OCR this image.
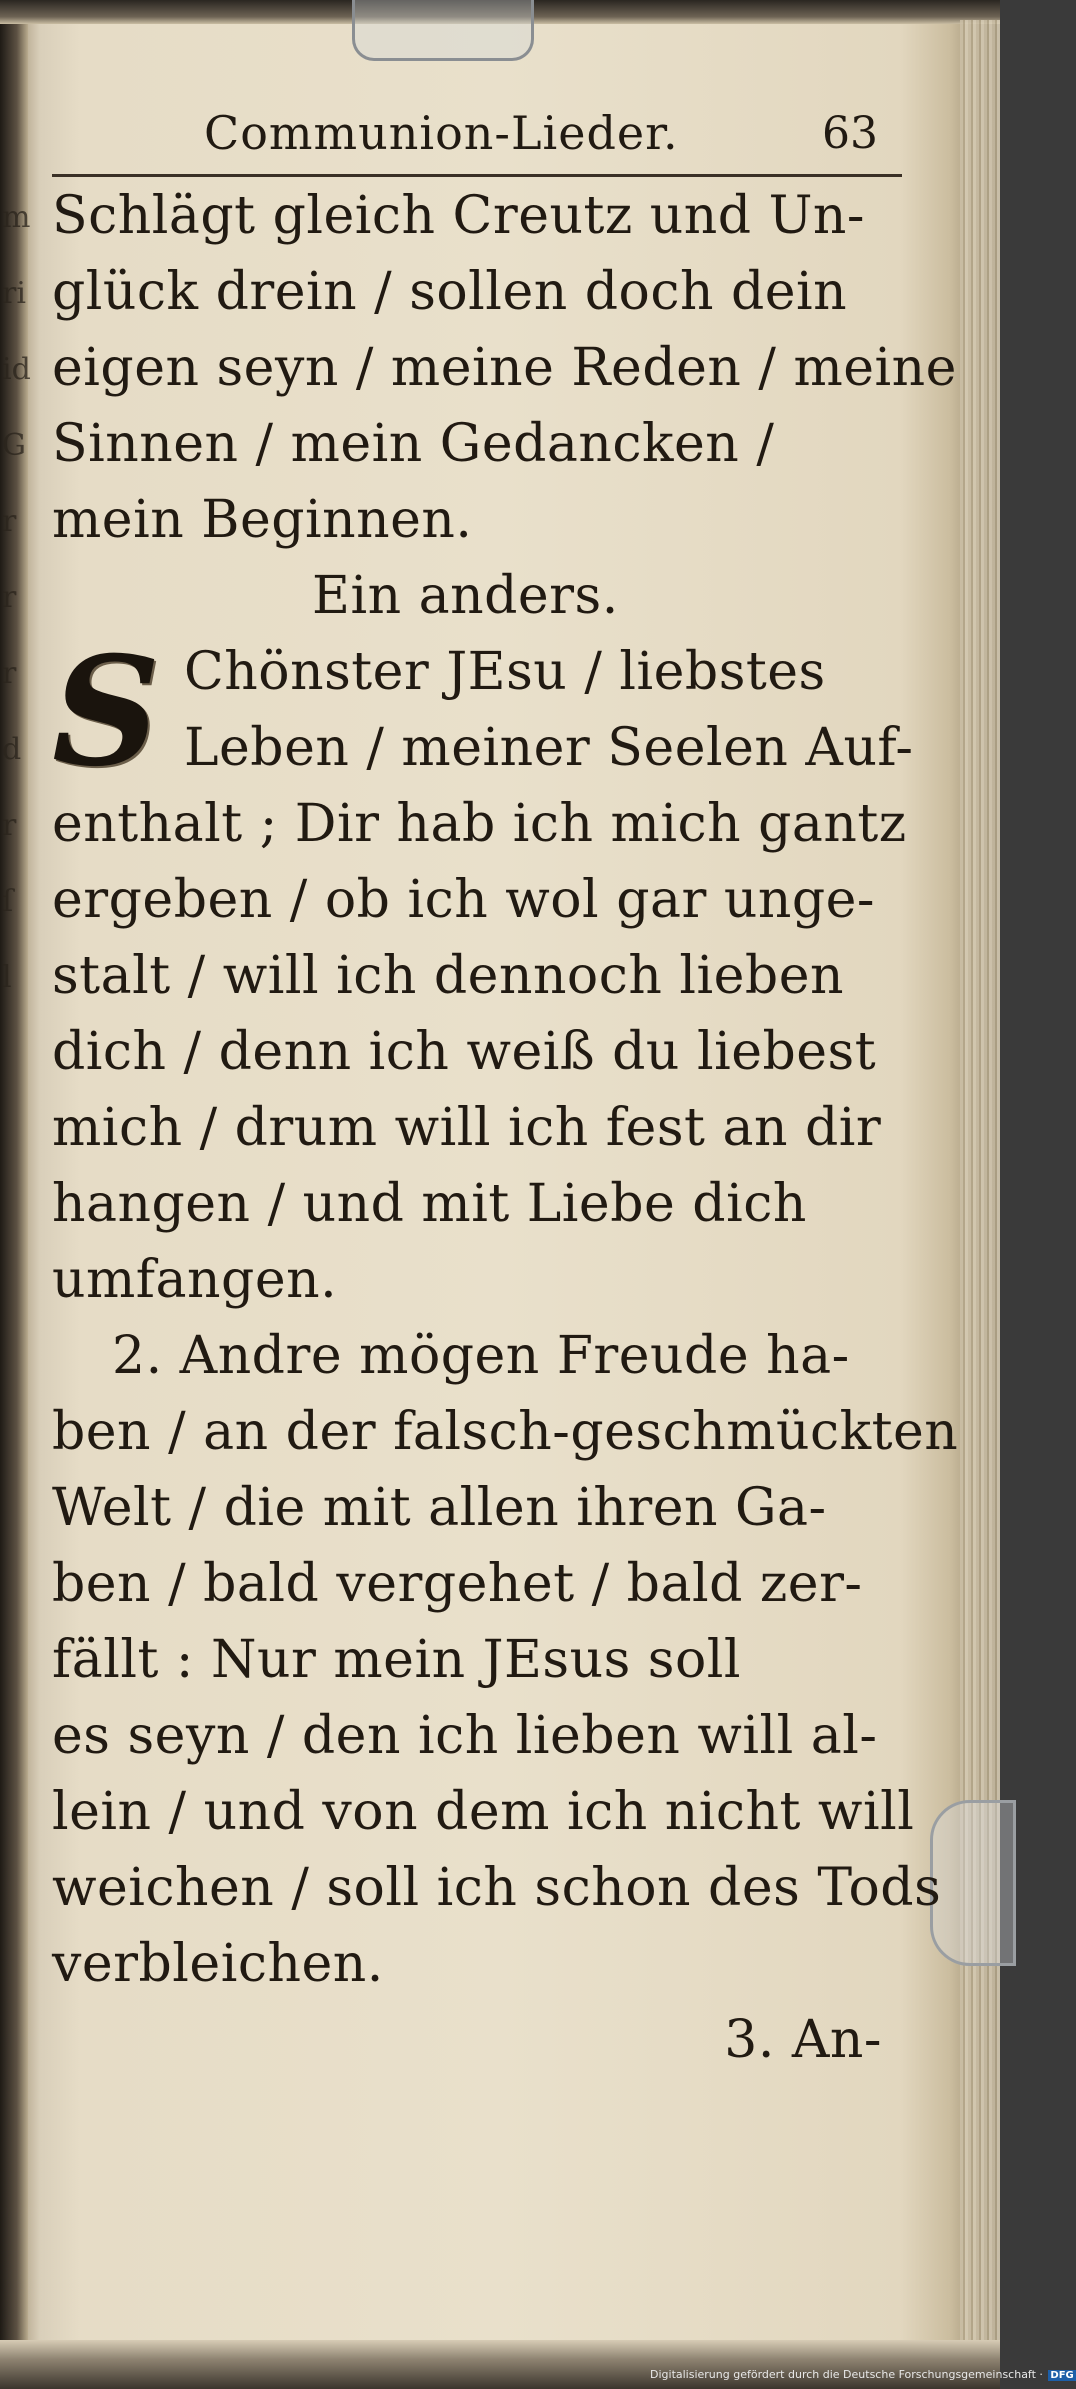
m
ri
id
G
r
r
r
d
r
ſ
l
Communion-Lieder.	63
Schlägt gleich Creutz und Un-
glück drein / sollen doch dein
eigen seyn / meine Reden / meine
Sinnen / mein Gedancken /
mein Beginnen.
Ein anders.
Chönster JEsu / liebstes
Leben / meiner Seelen Auf-
enthalt ; Dir hab ich mich gantz
ergeben / ob ich wol gar unge-
stalt / will ich dennoch lieben
dich / denn ich weiß du liebest
mich / drum will ich fest an dir
hangen / und mit Liebe dich
umfangen.
2. Andre mögen Freude ha-
ben / an der falsch-geschmückten
Welt / die mit allen ihren Ga-
ben / bald vergehet / bald zer-
fällt : Nur mein JEsus soll
es seyn / den ich lieben will al-
lein / und von dem ich nicht will
weichen / soll ich schon des Tods
verbleichen.
3. An-
S
Digitalisierung gefördert durch die Deutsche Forschungsgemeinschaft · DFG
